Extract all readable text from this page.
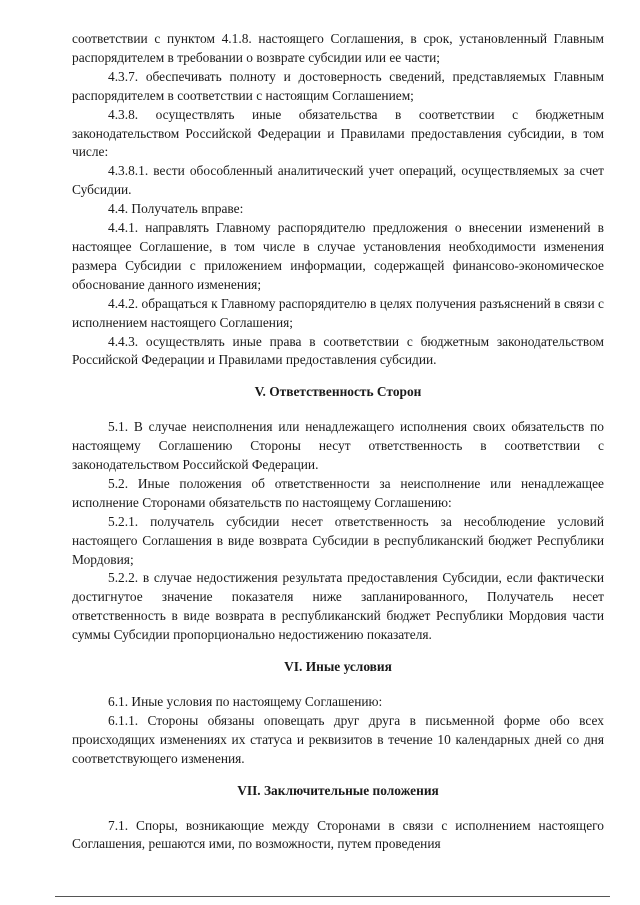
соответствии с пунктом 4.1.8. настоящего Соглашения, в срок, установленный Главным распорядителем в требовании о возврате субсидии или ее части;

4.3.7. обеспечивать полноту и достоверность сведений, представляемых Главным распорядителем в соответствии с настоящим Соглашением;

4.3.8. осуществлять иные обязательства в соответствии с бюджетным законодательством Российской Федерации и Правилами предоставления субсидии, в том числе:

4.3.8.1. вести обособленный аналитический учет операций, осуществляемых за счет Субсидии.

4.4. Получатель вправе:

4.4.1. направлять Главному распорядителю предложения о внесении изменений в настоящее Соглашение, в том числе в случае установления необходимости изменения размера Субсидии с приложением информации, содержащей финансово-экономическое обоснование данного изменения;

4.4.2. обращаться к Главному распорядителю в целях получения разъяснений в связи с исполнением настоящего Соглашения;

4.4.3. осуществлять иные права в соответствии с бюджетным законодательством Российской Федерации и Правилами предоставления субсидии.

V. Ответственность Сторон

5.1. В случае неисполнения или ненадлежащего исполнения своих обязательств по настоящему Соглашению Стороны несут ответственность в соответствии с законодательством Российской Федерации.

5.2. Иные положения об ответственности за неисполнение или ненадлежащее исполнение Сторонами обязательств по настоящему Соглашению:

5.2.1. получатель субсидии несет ответственность за несоблюдение условий настоящего Соглашения в виде возврата Субсидии в республиканский бюджет Республики Мордовия;

5.2.2. в случае недостижения результата предоставления Субсидии, если фактически достигнутое значение показателя ниже запланированного, Получатель несет ответственность в виде возврата в республиканский бюджет Республики Мордовия части суммы Субсидии пропорционально недостижению показателя.

VI. Иные условия

6.1. Иные условия по настоящему Соглашению:

6.1.1. Стороны обязаны оповещать друг друга в письменной форме обо всех происходящих изменениях их статуса и реквизитов в течение 10 календарных дней со дня соответствующего изменения.

VII. Заключительные положения

7.1. Споры, возникающие между Сторонами в связи с исполнением настоящего Соглашения, решаются ими, по возможности, путем проведения
